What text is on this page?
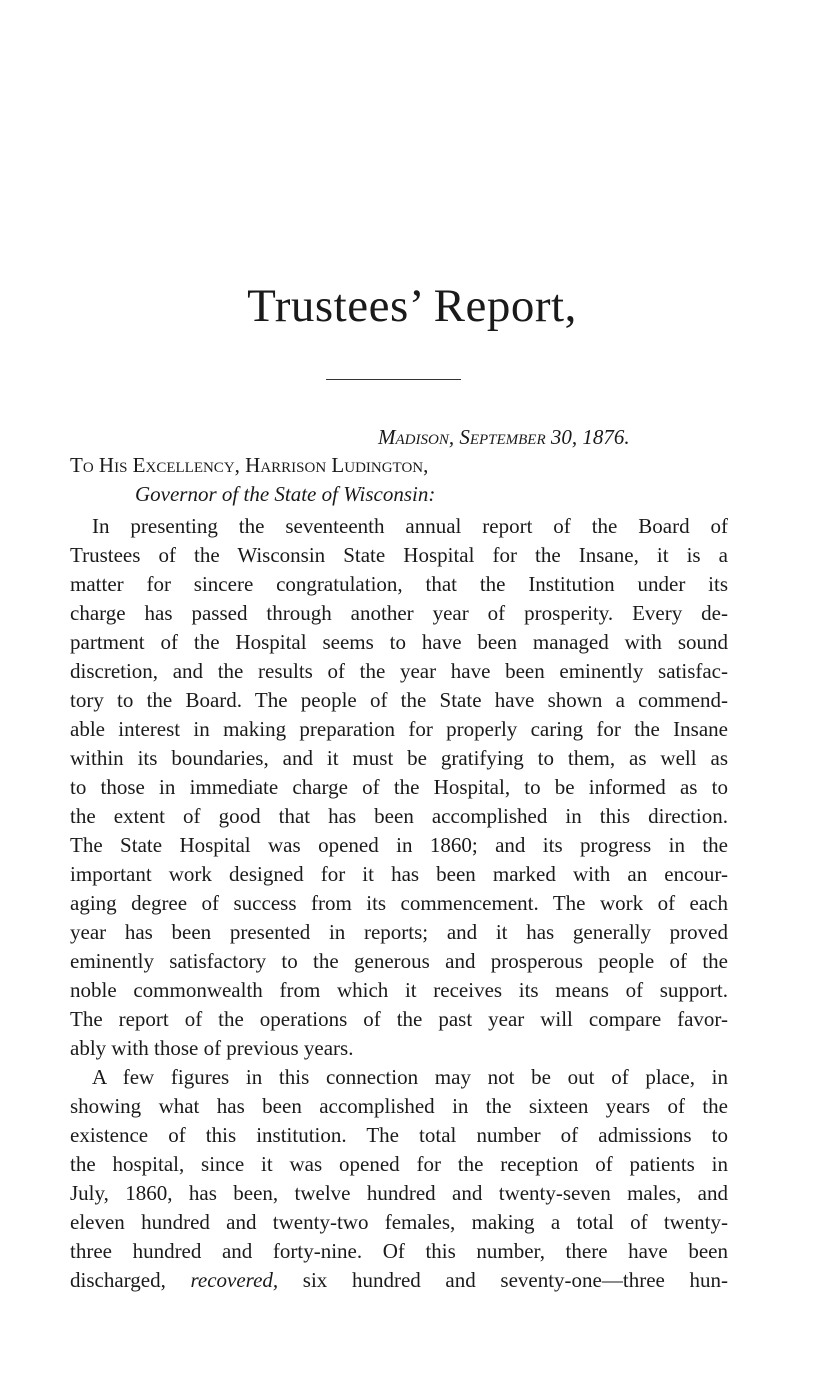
Trustees’ Report,
Madison, September 30, 1876.
To His Excellency, Harrison Ludington,
Governor of the State of Wisconsin:
In presenting the seventeenth annual report of the Board of
Trustees of the Wisconsin State Hospital for the Insane, it is a
matter for sincere congratulation, that the Institution under its
charge has passed through another year of prosperity. Every de-
partment of the Hospital seems to have been managed with sound
discretion, and the results of the year have been eminently satisfac-
tory to the Board. The people of the State have shown a commend-
able interest in making preparation for properly caring for the Insane
within its boundaries, and it must be gratifying to them, as well as
to those in immediate charge of the Hospital, to be informed as to
the extent of good that has been accomplished in this direction.
The State Hospital was opened in 1860; and its progress in the
important work designed for it has been marked with an encour-
aging degree of success from its commencement. The work of each
year has been presented in reports; and it has generally proved
eminently satisfactory to the generous and prosperous people of the
noble commonwealth from which it receives its means of support.
The report of the operations of the past year will compare favor-
ably with those of previous years.
A few figures in this connection may not be out of place, in
showing what has been accomplished in the sixteen years of the
existence of this institution. The total number of admissions to
the hospital, since it was opened for the reception of patients in
July, 1860, has been, twelve hundred and twenty-seven males, and
eleven hundred and twenty-two females, making a total of twenty-
three hundred and forty-nine. Of this number, there have been
discharged, recovered, six hundred and seventy-one—three hun-
